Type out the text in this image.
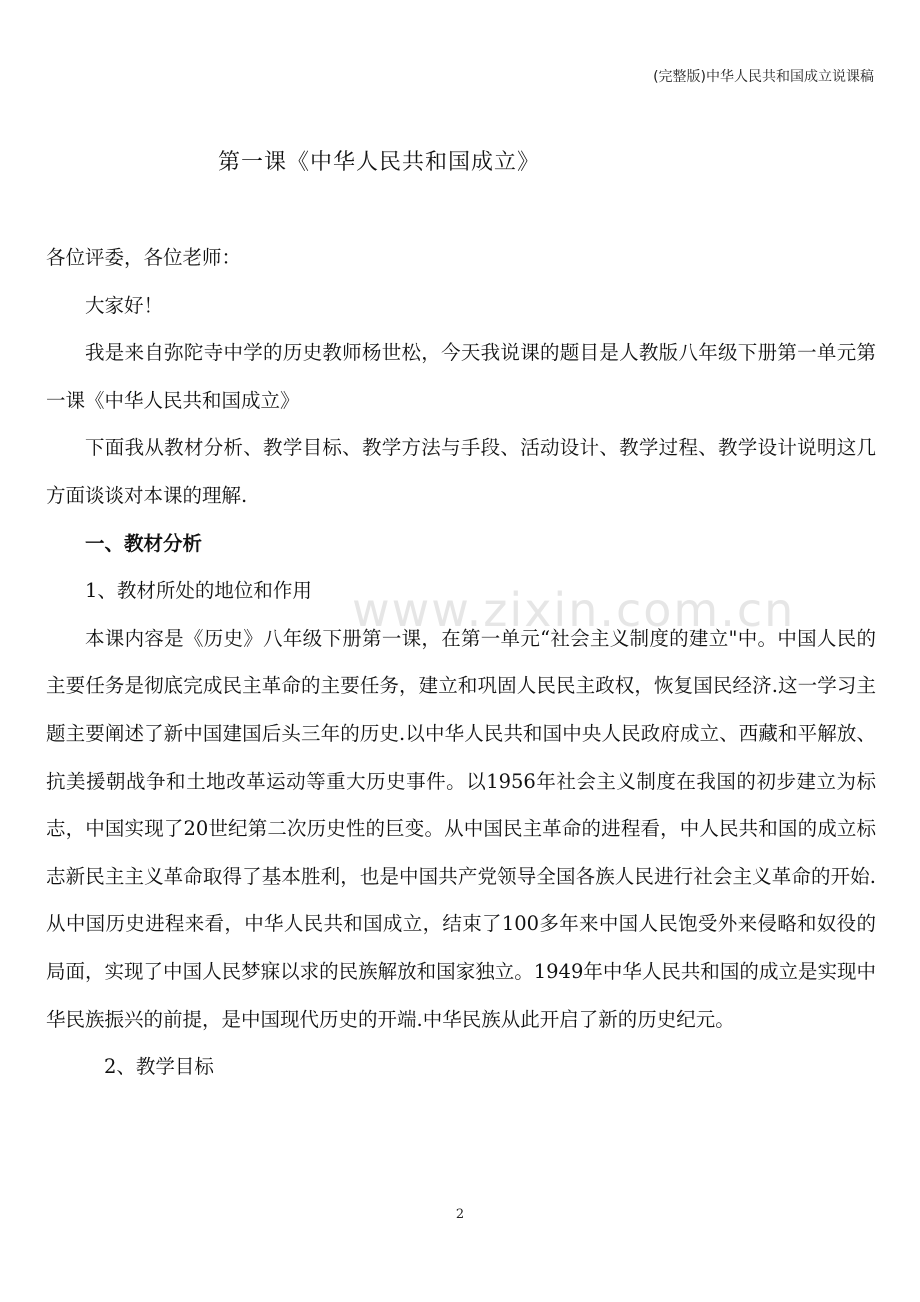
(完整版)中华人民共和国成立说课稿
www.zixin.com.cn
第一课《中华人民共和国成立》

各位评委，各位老师：

大家好！

我是来自弥陀寺中学的历史教师杨世松，今天我说课的题目是人教版八年级下册第一单元第一课《中华人民共和国成立》

下面我从教材分析、教学目标、教学方法与手段、活动设计、教学过程、教学设计说明这几方面谈谈对本课的理解.

一、教材分析

1、教材所处的地位和作用

本课内容是《历史》八年级下册第一课，在第一单元“社会主义制度的建立"中。中国人民的主要任务是彻底完成民主革命的主要任务，建立和巩固人民民主政权，恢复国民经济.这一学习主题主要阐述了新中国建国后头三年的历史.以中华人民共和国中央人民政府成立、西藏和平解放、抗美援朝战争和土地改革运动等重大历史事件。以1956年社会主义制度在我国的初步建立为标志，中国实现了20世纪第二次历史性的巨变。从中国民主革命的进程看，中人民共和国的成立标志新民主主义革命取得了基本胜利，也是中国共产党领导全国各族人民进行社会主义革命的开始.从中国历史进程来看，中华人民共和国成立，结束了100多年来中国人民饱受外来侵略和奴役的局面，实现了中国人民梦寐以求的民族解放和国家独立。1949年中华人民共和国的成立是实现中华民族振兴的前提，是中国现代历史的开端.中华民族从此开启了新的历史纪元。

2、教学目标

2
